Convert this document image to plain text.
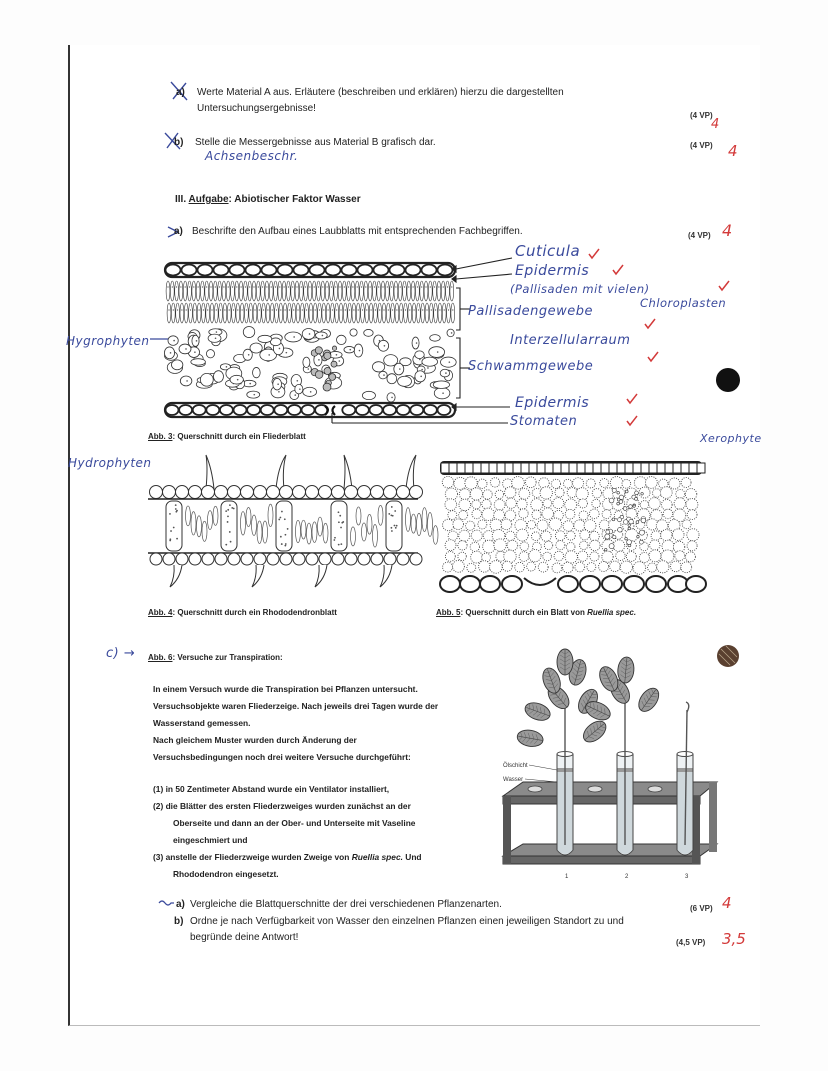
a) Werte Material A aus. Erläutere (beschreiben und erklären) hierzu die dargestellten
Untersuchungsergebnisse!
(4 VP)
4
b) Stelle die Messergebnisse aus Material B grafisch dar.	(4 VP) 4
Achsenbeschr.
III. Aufgabe: Abiotischer Faktor Wasser
a) Beschrifte den Aufbau eines Laubblatts mit entsprechenden Fachbegriffen.	(4 VP) 4
Cuticula
Epidermis
(Pallisaden mit vielen)
Chloroplasten
Pallisadengewebe
Interzellularraum
Schwammgewebe
Epidermis
Stomaten
Hygrophyten
Hydrophyten
Xerophyte
Abb. 3: Querschnitt durch ein Fliederblatt
Abb. 4: Querschnitt durch ein Rhododendronblatt	Abb. 5: Querschnitt durch ein Blatt von Ruellia spec.
c) → Abb. 6: Versuche zur Transpiration:
In einem Versuch wurde die Transpiration bei Pflanzen untersucht.
Versuchsobjekte waren Fliederzeige. Nach jeweils drei Tagen wurde der
Wasserstand gemessen.
Nach gleichem Muster wurden durch Änderung der
Versuchsbedingungen noch drei weitere Versuche durchgeführt:
(1) in 50 Zentimeter Abstand wurde ein Ventilator installiert,
(2) die Blätter des ersten Fliederzweiges wurden zunächst an der
Oberseite und dann an der Ober- und Unterseite mit Vaseline
eingeschmiert und
(3) anstelle der Fliederzweige wurden Zweige von Ruellia spec. Und
Rhododendron eingesetzt.
Ölschicht
Wasser
1	2	3
a) Vergleiche die Blattquerschnitte der drei verschiedenen Pflanzenarten.	(6 VP) 4
b) Ordne je nach Verfügbarkeit von Wasser den einzelnen Pflanzen einen jeweiligen Standort zu und
begründe deine Antwort!	(4,5 VP) 3,5
